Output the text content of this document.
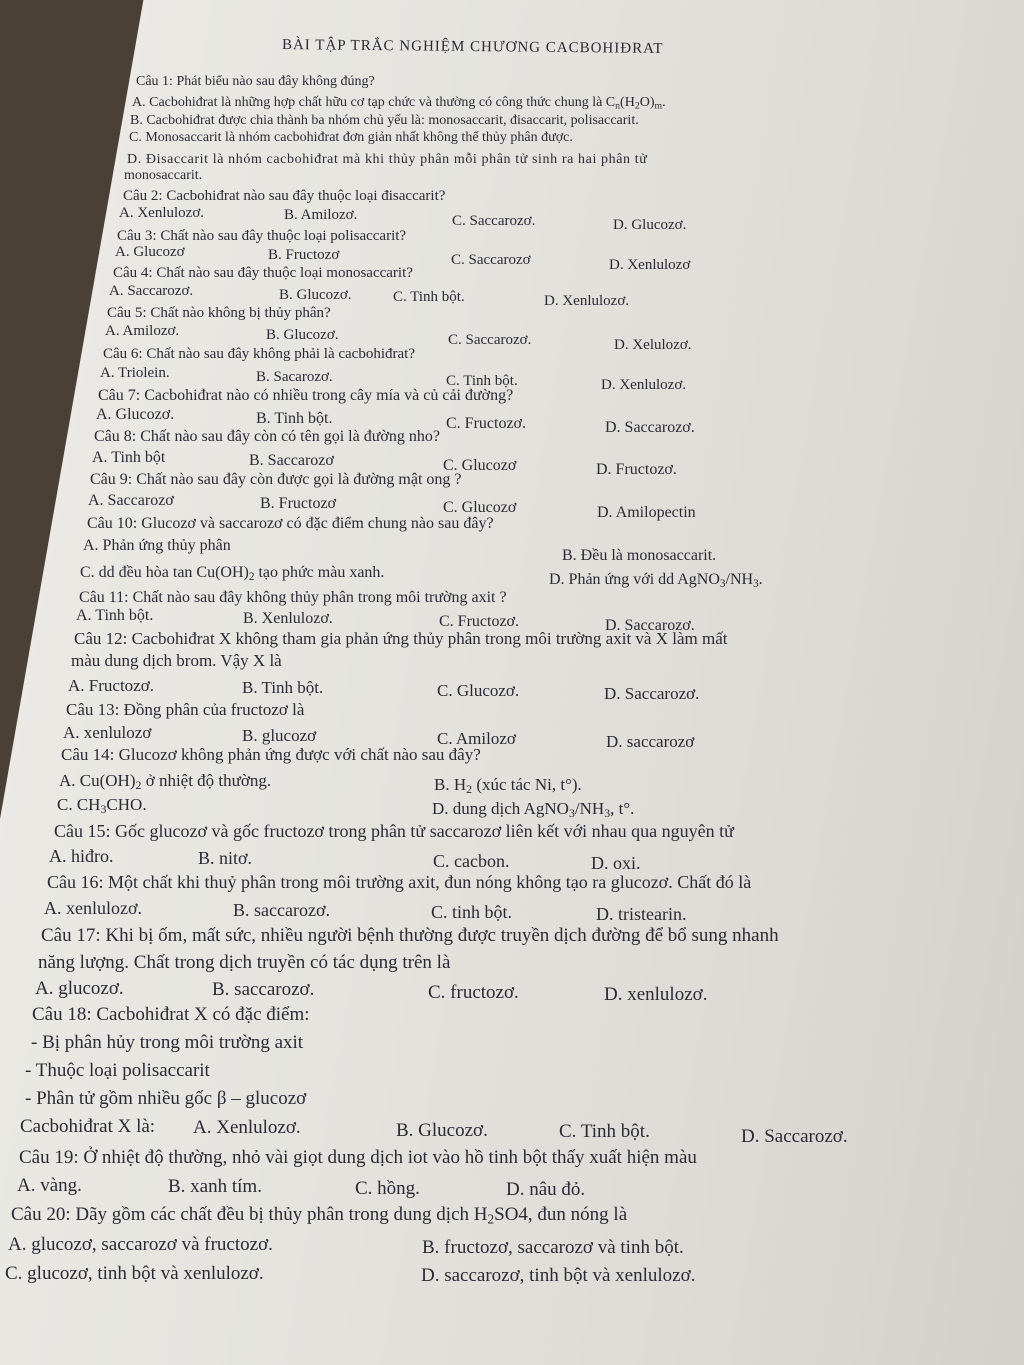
BÀI TẬP TRẮC NGHIỆM CHƯƠNG CACBOHIĐRAT
Câu 1: Phát biểu nào sau đây không đúng?
A. Cacbohiđrat là những hợp chất hữu cơ tạp chức và thường có công thức chung là $C_n(H_2O)_m$.
B. Cacbohiđrat được chia thành ba nhóm chủ yếu là: monosaccarit, đisaccarit, polisaccarit.
C. Monosaccarit là nhóm cacbohiđrat đơn giản nhất không thể thủy phân được.
D. Đisaccarit là nhóm cacbohiđrat mà khi thủy phân mỗi phân tử sinh ra hai phân tử
monosaccarit.
Câu 2: Cacbohiđrat nào sau đây thuộc loại đisaccarit?
A. Xenlulozơ.	B. Amilozơ.	C. Saccarozơ.	D. Glucozơ.
Câu 3: Chất nào sau đây thuộc loại polisaccarit?
A. Glucozơ	B. Fructozơ	C. Saccarozơ	D. Xenlulozơ
Câu 4: Chất nào sau đây thuộc loại monosaccarit?
A. Saccarozơ.	B. Glucozơ.	C. Tinh bột.	D. Xenlulozơ.
Câu 5: Chất nào không bị thủy phân?
A. Amilozơ.	B. Glucozơ.	C. Saccarozơ.	D. Xelulozơ.
Câu 6: Chất nào sau đây không phải là cacbohiđrat?
A. Triolein.	B. Sacarozơ.	C. Tinh bột.	D. Xenlulozơ.
Câu 7: Cacbohiđrat nào có nhiều trong cây mía và củ cải đường?
A. Glucozơ.	B. Tinh bột.	C. Fructozơ.	D. Saccarozơ.
Câu 8: Chất nào sau đây còn có tên gọi là đường nho?
A. Tinh bột	B. Saccarozơ	C. Glucozơ	D. Fructozơ.
Câu 9: Chất nào sau đây còn được gọi là đường mật ong ?
A. Saccarozơ	B. Fructozơ	C. Glucozơ	D. Amilopectin
Câu 10: Glucozơ và saccarozơ có đặc điểm chung nào sau đây?
A. Phản ứng thủy phân
B. Đều là monosaccarit.
C. dd đều hòa $\tan Cu(OH)_2$ tạo phức màu xanh.	D. Phản ứng với dd $AgNO_3/NH_3$.
Câu 11: Chất nào sau đây không thủy phân trong môi trường axit ?
A. Tinh bột.	B. Xenlulozơ.	C. Fructozơ.	D. Saccarozơ.
Câu 12: Cacbohiđrat X không tham gia phản ứng thủy phân trong môi trường axit và X làm mất
màu dung dịch brom. Vậy X là
A. Fructozơ.	B. Tinh bột.	C. Glucozơ.	D. Saccarozơ.
Câu 13: Đồng phân của fructozơ là
A. xenlulozơ	B. glucozơ	C. Amilozơ	D. saccarozơ
Câu 14: Glucozơ không phản ứng được với chất nào sau đây?
A. $Cu(OH)_2$ ở nhiệt độ thường.	B. $H_2$ (xúc tác Ni, t°).
C. $CH_3CHO$.	D. dung dịch $AgNO_3/NH_3$, t°.
Câu 15: Gốc glucozơ và gốc fructozơ trong phân tử saccarozơ liên kết với nhau qua nguyên tử
A. hiđro.	B. nitơ.	C. cacbon.	D. oxi.
Câu 16: Một chất khi thuỷ phân trong môi trường axit, đun nóng không tạo ra glucozơ. Chất đó là
A. xenlulozơ.	B. saccarozơ.	C. tinh bột.	D. tristearin.
Câu 17: Khi bị ốm, mất sức, nhiều người bệnh thường được truyền dịch đường để bổ sung nhanh
năng lượng. Chất trong dịch truyền có tác dụng trên là
A. glucozơ.	B. saccarozơ.	C. fructozơ.	D. xenlulozơ.
Câu 18: Cacbohiđrat X có đặc điểm:
- Bị phân hủy trong môi trường axit
- Thuộc loại polisaccarit
- Phân tử gồm nhiều gốc β – glucozơ
Cacbohiđrat X là: A. Xenlulozơ.	B. Glucozơ.	C. Tinh bột.	D. Saccarozơ.
Câu 19: Ở nhiệt độ thường, nhỏ vài giọt dung dịch iot vào hồ tinh bột thấy xuất hiện màu
A. vàng.	B. xanh tím.	C. hồng.	D. nâu đỏ.
Câu 20: Dãy gồm các chất đều bị thủy phân trong dung dịch $H_2SO4$, đun nóng là
A. glucozơ, saccarozơ và fructozơ.	B. fructozơ, saccarozơ và tinh bột.
C. glucozơ, tinh bột và xenlulozơ.	D. saccarozơ, tinh bột và xenlulozơ.
